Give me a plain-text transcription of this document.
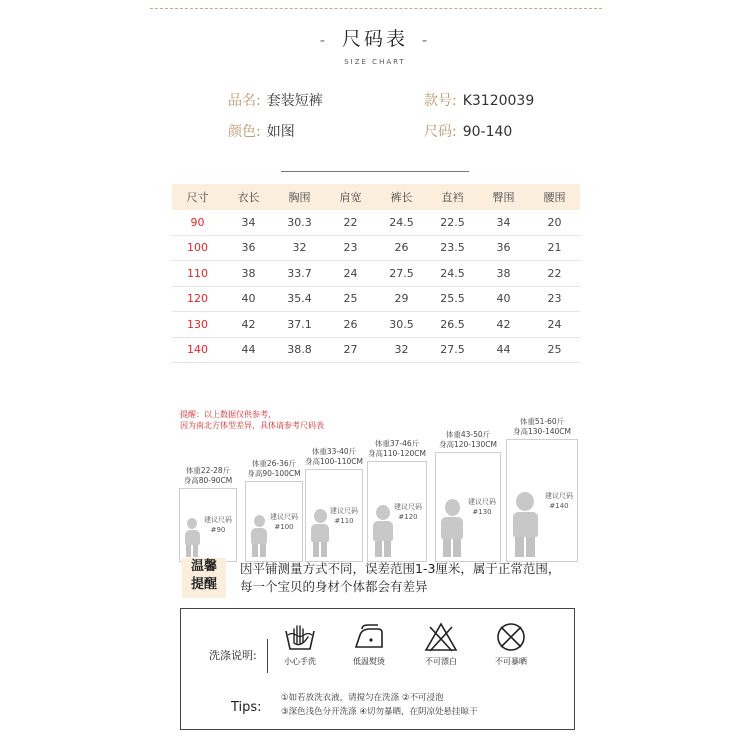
- 尺码表 -
SIZE CHART
品名: 套装短裤	款号: K3120039
颜色: 如图	尺码: 90-140
尺寸	衣长	胸围	肩宽	裤长	直裆	臀围	腰围
90	34	30.3	22	24.5	22.5	34	20
100	36	32	23	26	23.5	36	21
110	38	33.7	24	27.5	24.5	38	22
120	40	35.4	25	29	25.5	40	23
130	42	37.1	26	30.5	26.5	42	24
140	44	38.8	27	32	27.5	44	25
提醒：以上数据仅供参考，
因为南北方体型差异，具体请参考尺码表
体重22-28斤
身高80-90CM
建议尺码
#90
体重26-36斤
身高90-100CM
建议尺码
#100
体重33-40斤
身高100-110CM
建议尺码
#110
体重37-46斤
身高110-120CM
建议尺码
#120
体重43-50斤
身高120-130CM
建议尺码
#130
体重51-60斤
身高130-140CM
建议尺码
#140
温馨
提醒
因平铺测量方式不同，误差范围1-3厘米，属于正常范围，
每一个宝贝的身材个体都会有差异
洗涤说明:	小心手洗	低温熨烫	不可漂白	不可暴晒
Tips:
①如若放洗衣液，请搅匀在洗涤 ②不可浸泡
③深色浅色分开洗涤 ④切勿暴晒，在阴凉处悬挂晾干
